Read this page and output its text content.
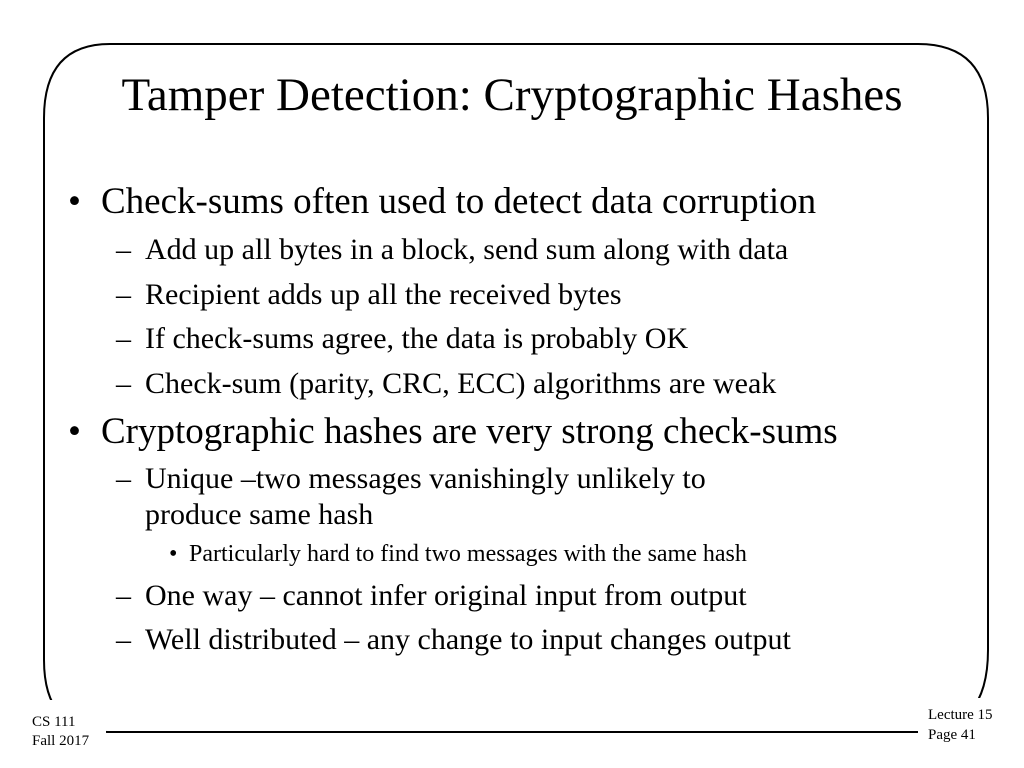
Tamper Detection: Cryptographic Hashes
• Check-sums often used to detect data corruption
– Add up all bytes in a block, send sum along with data
– Recipient adds up all the received bytes
– If check-sums agree, the data is probably OK
– Check-sum (parity, CRC, ECC) algorithms are weak
• Cryptographic hashes are very strong check-sums
– Unique –two messages vanishingly unlikely to
produce same hash
• Particularly hard to find two messages with the same hash
– One way – cannot infer original input from output
– Well distributed – any change to input changes output
CS 111
Fall 2017
Lecture 15
Page 41
